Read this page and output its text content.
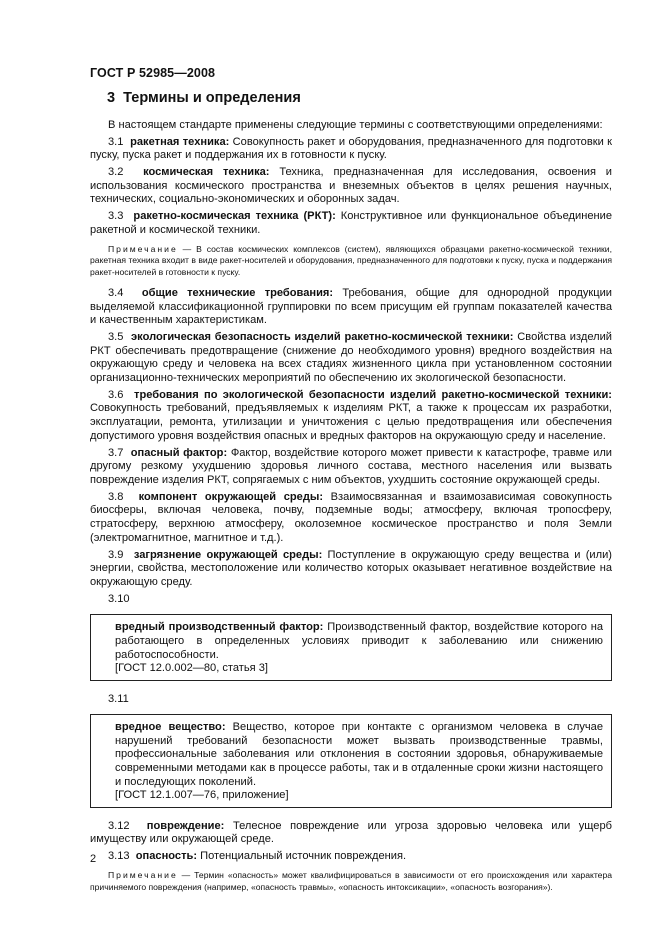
ГОСТ Р 52985—2008
3 Термины и определения

В настоящем стандарте применены следующие термины с соответствующими определениями:

3.1 ракетная техника: Совокупность ракет и оборудования, предназначенного для подготовки к пуску, пуска ракет и поддержания их в готовности к пуску.

3.2 космическая техника: Техника, предназначенная для исследования, освоения и использования космического пространства и внеземных объектов в целях решения научных, технических, социально-экономических и оборонных задач.

3.3 ракетно-космическая техника (РКТ): Конструктивное или функциональное объединение ракетной и космической техники.

Примечание — В состав космических комплексов (систем), являющихся образцами ракетно-космической техники, ракетная техника входит в виде ракет-носителей и оборудования, предназначенного для подготовки к пуску, пуска и поддержания ракет-носителей в готовности к пуску.

3.4 общие технические требования: Требования, общие для однородной продукции выделяемой классификационной группировки по всем присущим ей группам показателей качества и качественным характеристикам.

3.5 экологическая безопасность изделий ракетно-космической техники: Свойства изделий РКТ обеспечивать предотвращение (снижение до необходимого уровня) вредного воздействия на окружающую среду и человека на всех стадиях жизненного цикла при установленном состоянии организационно-технических мероприятий по обеспечению их экологической безопасности.

3.6 требования по экологической безопасности изделий ракетно-космической техники: Совокупность требований, предъявляемых к изделиям РКТ, а также к процессам их разработки, эксплуатации, ремонта, утилизации и уничтожения с целью предотвращения или обеспечения допустимого уровня воздействия опасных и вредных факторов на окружающую среду и население.

3.7 опасный фактор: Фактор, воздействие которого может привести к катастрофе, травме или другому резкому ухудшению здоровья личного состава, местного населения или вызвать повреждение изделия РКТ, сопрягаемых с ним объектов, ухудшить состояние окружающей среды.

3.8 компонент окружающей среды: Взаимосвязанная и взаимозависимая совокупность биосферы, включая человека, почву, подземные воды; атмосферу, включая тропосферу, стратосферу, верхнюю атмосферу, околоземное космическое пространство и поля Земли (электромагнитное, магнитное и т.д.).

3.9 загрязнение окружающей среды: Поступление в окружающую среду вещества и (или) энергии, свойства, местоположение или количество которых оказывает негативное воздействие на окружающую среду.

3.10

вредный производственный фактор: Производственный фактор, воздействие которого на работающего в определенных условиях приводит к заболеванию или снижению работоспособности.

[ГОСТ 12.0.002—80, статья 3]

3.11

вредное вещество: Вещество, которое при контакте с организмом человека в случае нарушений требований безопасности может вызвать производственные травмы, профессиональные заболевания или отклонения в состоянии здоровья, обнаруживаемые современными методами как в процессе работы, так и в отдаленные сроки жизни настоящего и последующих поколений.

[ГОСТ 12.1.007—76, приложение]

3.12 повреждение: Телесное повреждение или угроза здоровью человека или ущерб имуществу или окружающей среде.

3.13 опасность: Потенциальный источник повреждения.

Примечание — Термин «опасность» может квалифицироваться в зависимости от его происхождения или характера причиняемого повреждения (например, «опасность травмы», «опасность интоксикации», «опасность возгорания»).

2
